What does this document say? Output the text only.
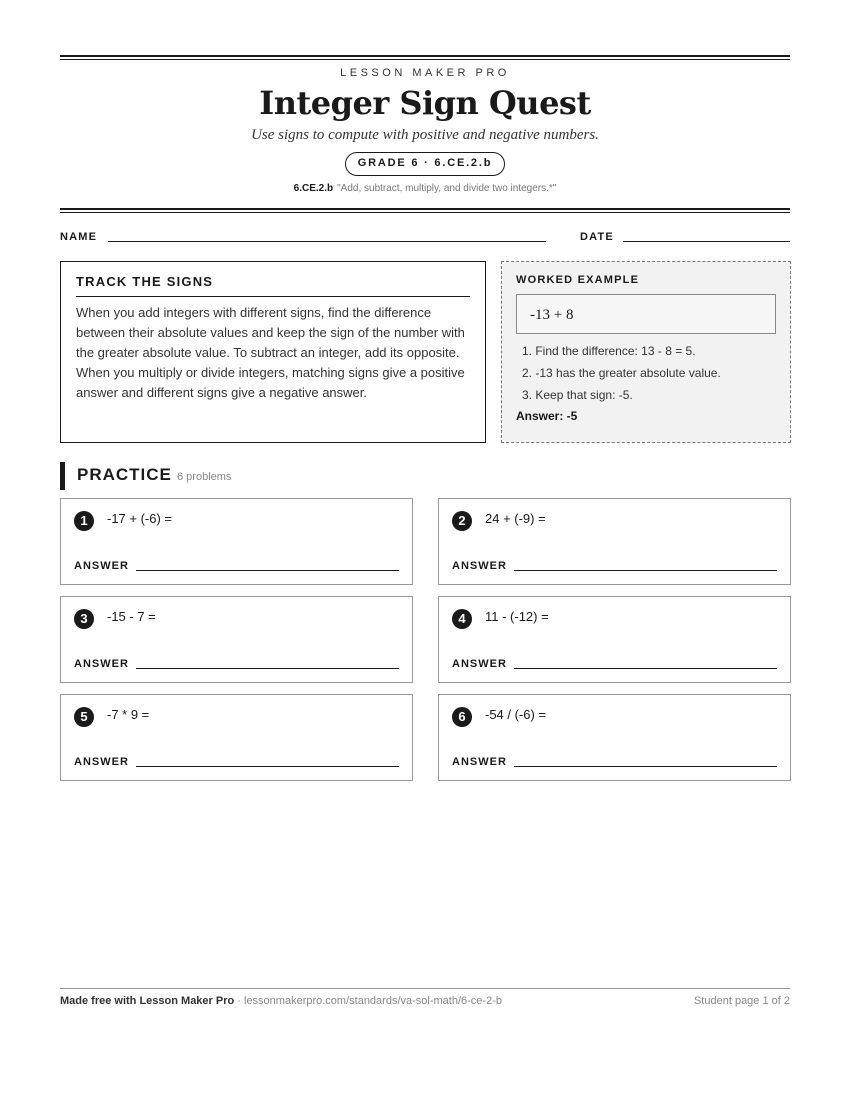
LESSON MAKER PRO
Integer Sign Quest
Use signs to compute with positive and negative numbers.
GRADE 6 · 6.CE.2.b
6.CE.2.b "Add, subtract, multiply, and divide two integers.*"
NAME	DATE
TRACK THE SIGNS

When you add integers with different signs, find the difference between their absolute values and keep the sign of the number with the greater absolute value. To subtract an integer, add its opposite. When you multiply or divide integers, matching signs give a positive answer and different signs give a negative answer.

WORKED EXAMPLE
-13 + 8
1. Find the difference: 13 - 8 = 5.
2. -13 has the greater absolute value.
3. Keep that sign: -5.
Answer: -5
PRACTICE 6 problems
1	-17 + (-6) =
ANSWER
2	24 + (-9) =
ANSWER
3	-15 - 7 =
ANSWER
4	11 - (-12) =
ANSWER
5	-7 * 9 =
ANSWER
6	-54 / (-6) =
ANSWER
Made free with Lesson Maker Pro · lessonmakerpro.com/standards/va-sol-math/6-ce-2-b	Student page 1 of 2
